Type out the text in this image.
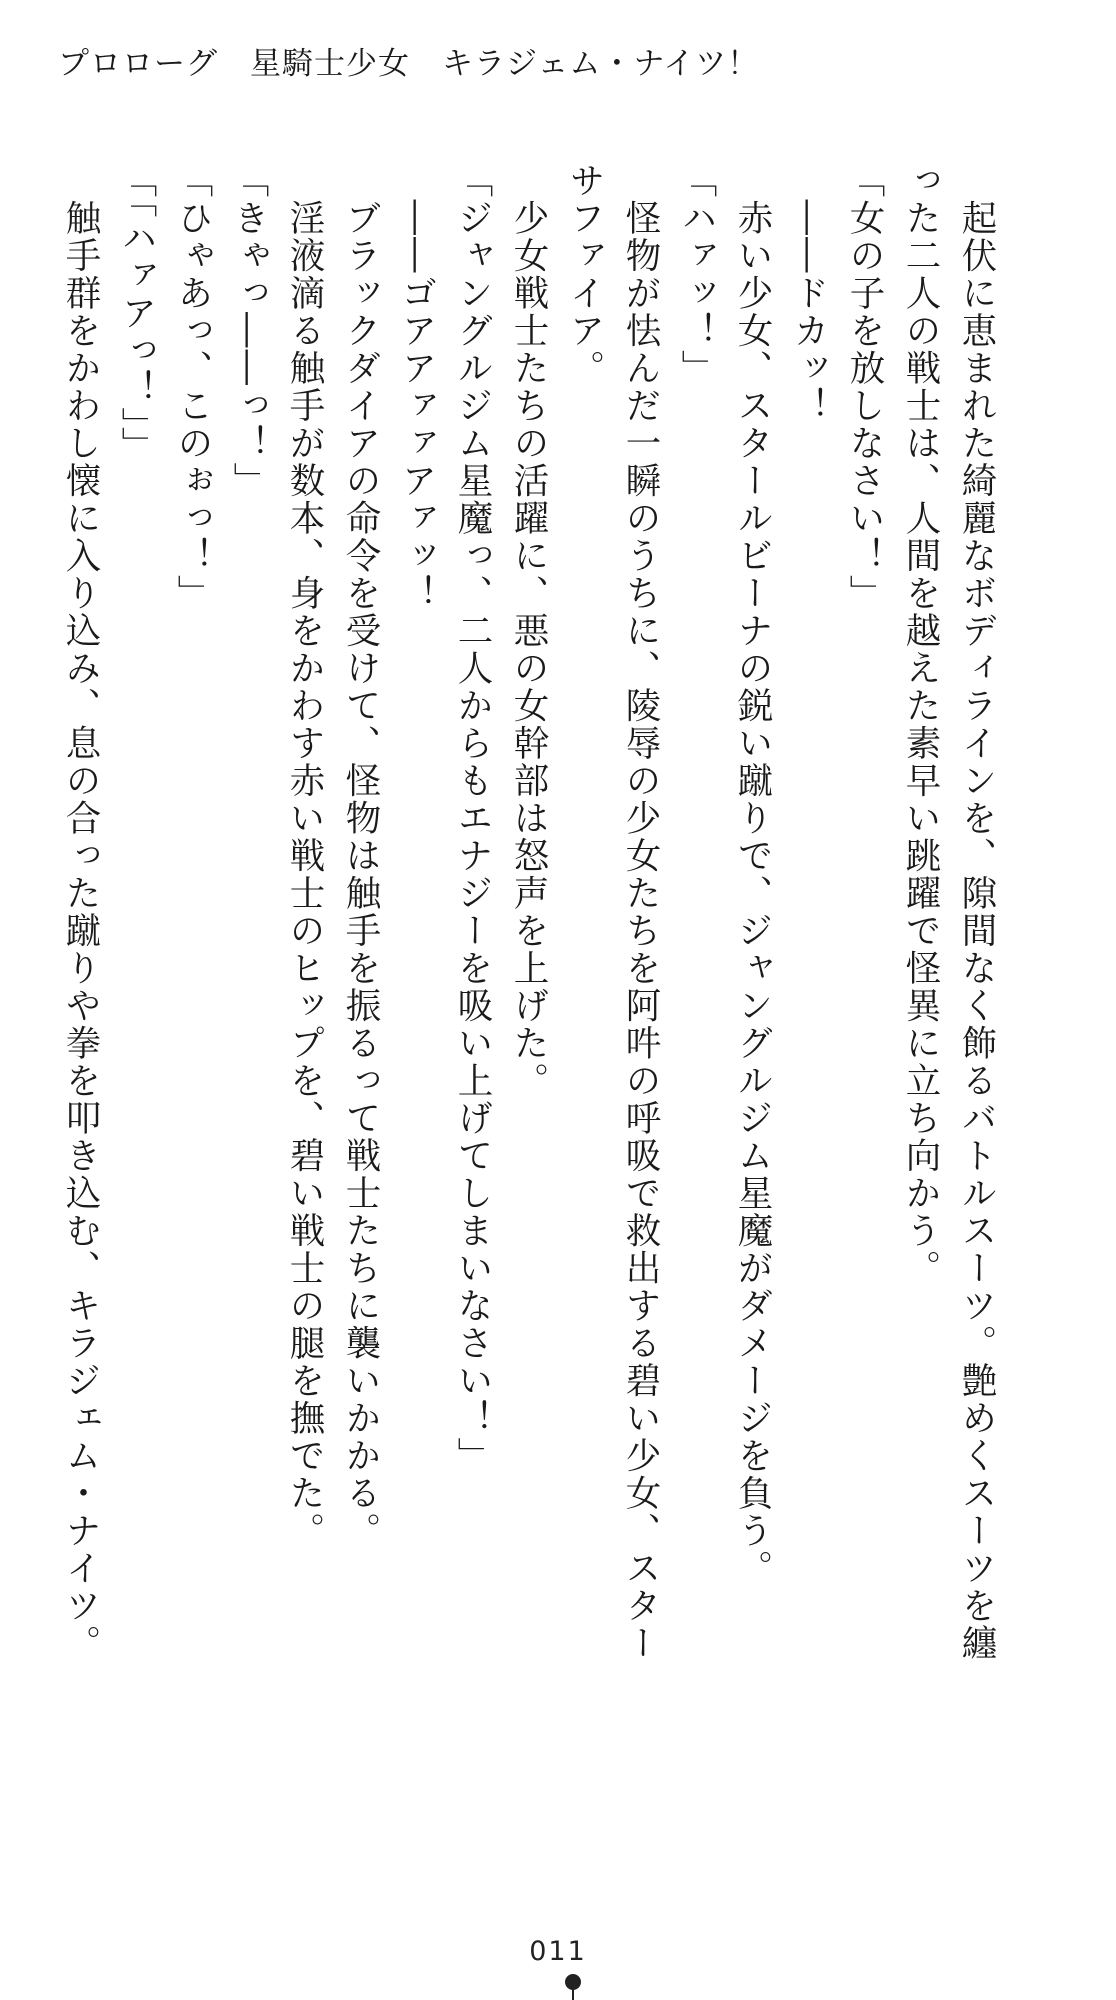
プロローグ　星騎士少女　キラジェム・ナイツ！
　起伏に恵まれた綺麗なボディラインを、隙間なく飾るバトルスーツ。艶めくスーツを纏
った二人の戦士は、人間を越えた素早い跳躍で怪異に立ち向かう。
「女の子を放しなさい！」
　――ドカッ！
　赤い少女、スタールビーナの鋭い蹴りで、ジャングルジム星魔がダメージを負う。
「ハァッ！」
　怪物が怯んだ一瞬のうちに、陵辱の少女たちを阿吽の呼吸で救出する碧い少女、スター
サファイア。
　少女戦士たちの活躍に、悪の女幹部は怒声を上げた。
「ジャングルジム星魔っ、二人からもエナジーを吸い上げてしまいなさい！」
　――ゴアアァァアァッ！
　ブラックダイアの命令を受けて、怪物は触手を振るって戦士たちに襲いかかる。
　淫液滴る触手が数本、身をかわす赤い戦士のヒップを、碧い戦士の腿を撫でた。
「きゃっ――っ！」
「ひゃあっ、このぉっ！」
「「ハァアっ！」」
　触手群をかわし懐に入り込み、息の合った蹴りや拳を叩き込む、キラジェム・ナイツ。
011
